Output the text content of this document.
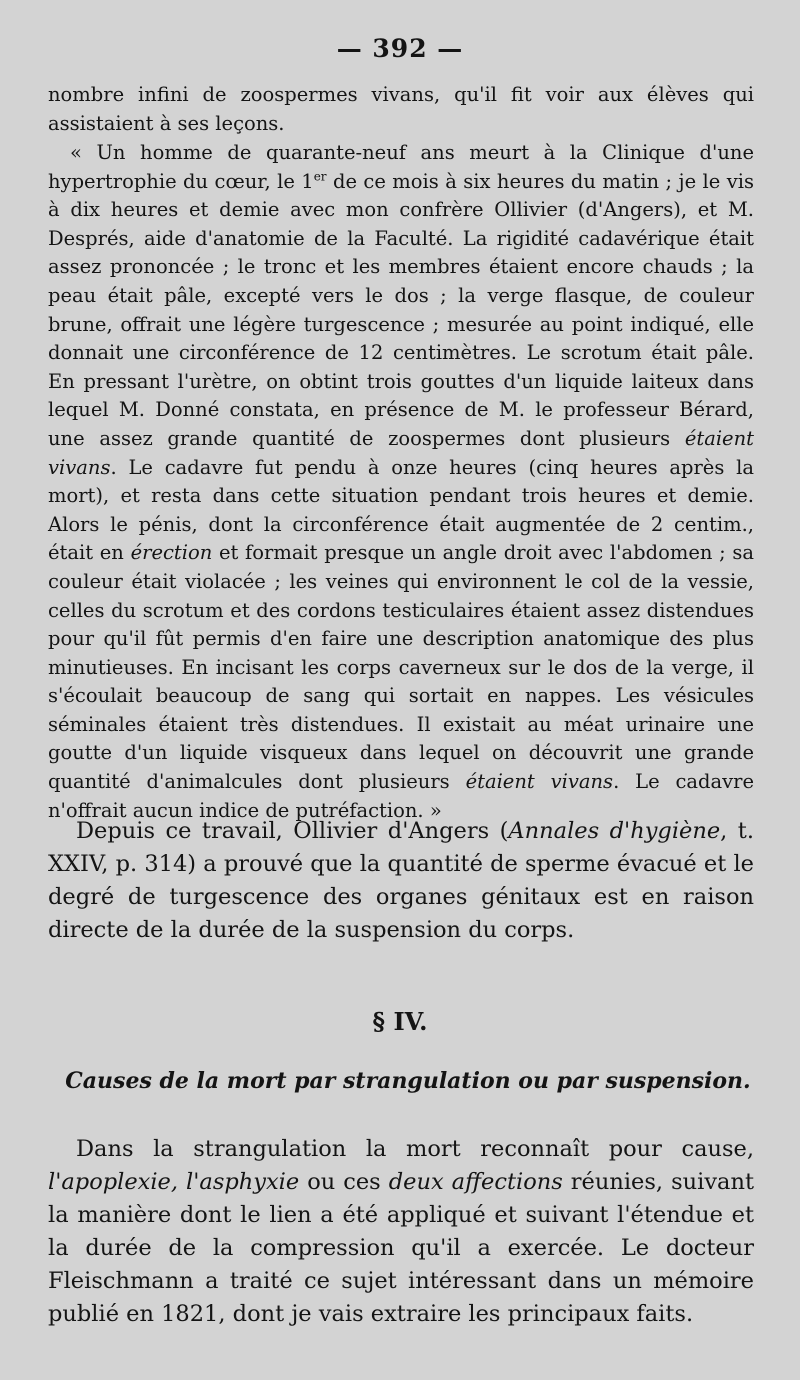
— 392 —
nombre infini de zoospermes vivans, qu'il fit voir aux élèves qui assistaient à ses leçons.
« Un homme de quarante-neuf ans meurt à la Clinique d'une hypertrophie du cœur, le 1er de ce mois à six heures du matin ; je le vis à dix heures et demie avec mon confrère Ollivier (d'Angers), et M. Després, aide d'anatomie de la Faculté. La rigidité cadavérique était assez prononcée ; le tronc et les membres étaient encore chauds ; la peau était pâle, excepté vers le dos ; la verge flasque, de couleur brune, offrait une légère turgescence ; mesurée au point indiqué, elle donnait une circonférence de 12 centimètres. Le scrotum était pâle. En pressant l'urètre, on obtint trois gouttes d'un liquide laiteux dans lequel M. Donné constata, en présence de M. le professeur Bérard, une assez grande quantité de zoospermes dont plusieurs étaient vivans. Le cadavre fut pendu à onze heures (cinq heures après la mort), et resta dans cette situation pendant trois heures et demie. Alors le pénis, dont la circonférence était augmentée de 2 centim., était en érection et formait presque un angle droit avec l'abdomen ; sa couleur était violacée ; les veines qui environnent le col de la vessie, celles du scrotum et des cordons testiculaires étaient assez distendues pour qu'il fût permis d'en faire une description anatomique des plus minutieuses. En incisant les corps caverneux sur le dos de la verge, il s'écoulait beaucoup de sang qui sortait en nappes. Les vésicules séminales étaient très distendues. Il existait au méat urinaire une goutte d'un liquide visqueux dans lequel on découvrit une grande quantité d'animalcules dont plusieurs étaient vivans. Le cadavre n'offrait aucun indice de putréfaction. »
Depuis ce travail, Ollivier d'Angers (Annales d'hygiène, t. XXIV, p. 314) a prouvé que la quantité de sperme évacué et le degré de turgescence des organes génitaux est en raison directe de la durée de la suspension du corps.
§ IV.
Causes de la mort par strangulation ou par suspension.
Dans la strangulation la mort reconnaît pour cause, l'apoplexie, l'asphyxie ou ces deux affections réunies, suivant la manière dont le lien a été appliqué et suivant l'étendue et la durée de la compression qu'il a exercée. Le docteur Fleischmann a traité ce sujet intéressant dans un mémoire publié en 1821, dont je vais extraire les principaux faits.
